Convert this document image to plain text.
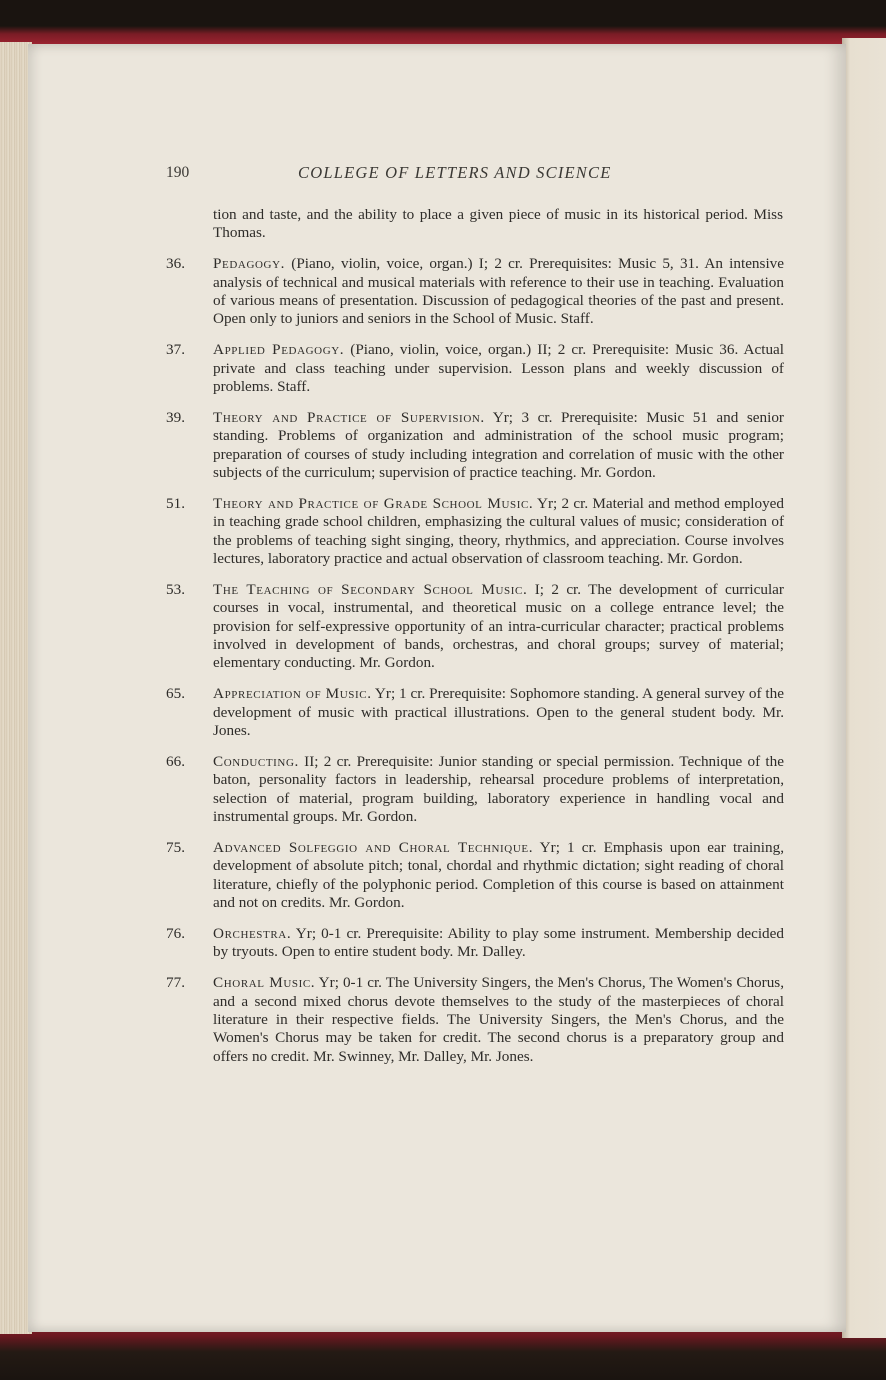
190	COLLEGE OF LETTERS AND SCIENCE
tion and taste, and the ability to place a given piece of music in its historical period. Miss Thomas.
36. Pedagogy. (Piano, violin, voice, organ.) I; 2 cr. Prerequisites: Music 5, 31. An intensive analysis of technical and musical materials with reference to their use in teaching. Evaluation of various means of presentation. Discussion of pedagogical theories of the past and present. Open only to juniors and seniors in the School of Music. Staff.
37. Applied Pedagogy. (Piano, violin, voice, organ.) II; 2 cr. Prerequisite: Music 36. Actual private and class teaching under supervision. Lesson plans and weekly discussion of problems. Staff.
39. Theory and Practice of Supervision. Yr; 3 cr. Prerequisite: Music 51 and senior standing. Problems of organization and administration of the school music program; preparation of courses of study including integration and correlation of music with the other subjects of the curriculum; supervision of practice teaching. Mr. Gordon.
51. Theory and Practice of Grade School Music. Yr; 2 cr. Material and method employed in teaching grade school children, emphasizing the cultural values of music; consideration of the problems of teaching sight singing, theory, rhythmics, and appreciation. Course involves lectures, laboratory practice and actual observation of classroom teaching. Mr. Gordon.
53. The Teaching of Secondary School Music. I; 2 cr. The development of curricular courses in vocal, instrumental, and theoretical music on a college entrance level; the provision for self-expressive opportunity of an intra-curricular character; practical problems involved in development of bands, orchestras, and choral groups; survey of material; elementary conducting. Mr. Gordon.
65. Appreciation of Music. Yr; 1 cr. Prerequisite: Sophomore standing. A general survey of the development of music with practical illustrations. Open to the general student body. Mr. Jones.
66. Conducting. II; 2 cr. Prerequisite: Junior standing or special permission. Technique of the baton, personality factors in leadership, rehearsal procedure problems of interpretation, selection of material, program building, laboratory experience in handling vocal and instrumental groups. Mr. Gordon.
75. Advanced Solfeggio and Choral Technique. Yr; 1 cr. Emphasis upon ear training, development of absolute pitch; tonal, chordal and rhythmic dictation; sight reading of choral literature, chiefly of the polyphonic period. Completion of this course is based on attainment and not on credits. Mr. Gordon.
76. Orchestra. Yr; 0-1 cr. Prerequisite: Ability to play some instrument. Membership decided by tryouts. Open to entire student body. Mr. Dalley.
77. Choral Music. Yr; 0-1 cr. The University Singers, the Men's Chorus, The Women's Chorus, and a second mixed chorus devote themselves to the study of the masterpieces of choral literature in their respective fields. The University Singers, the Men's Chorus, and the Women's Chorus may be taken for credit. The second chorus is a preparatory group and offers no credit. Mr. Swinney, Mr. Dalley, Mr. Jones.
